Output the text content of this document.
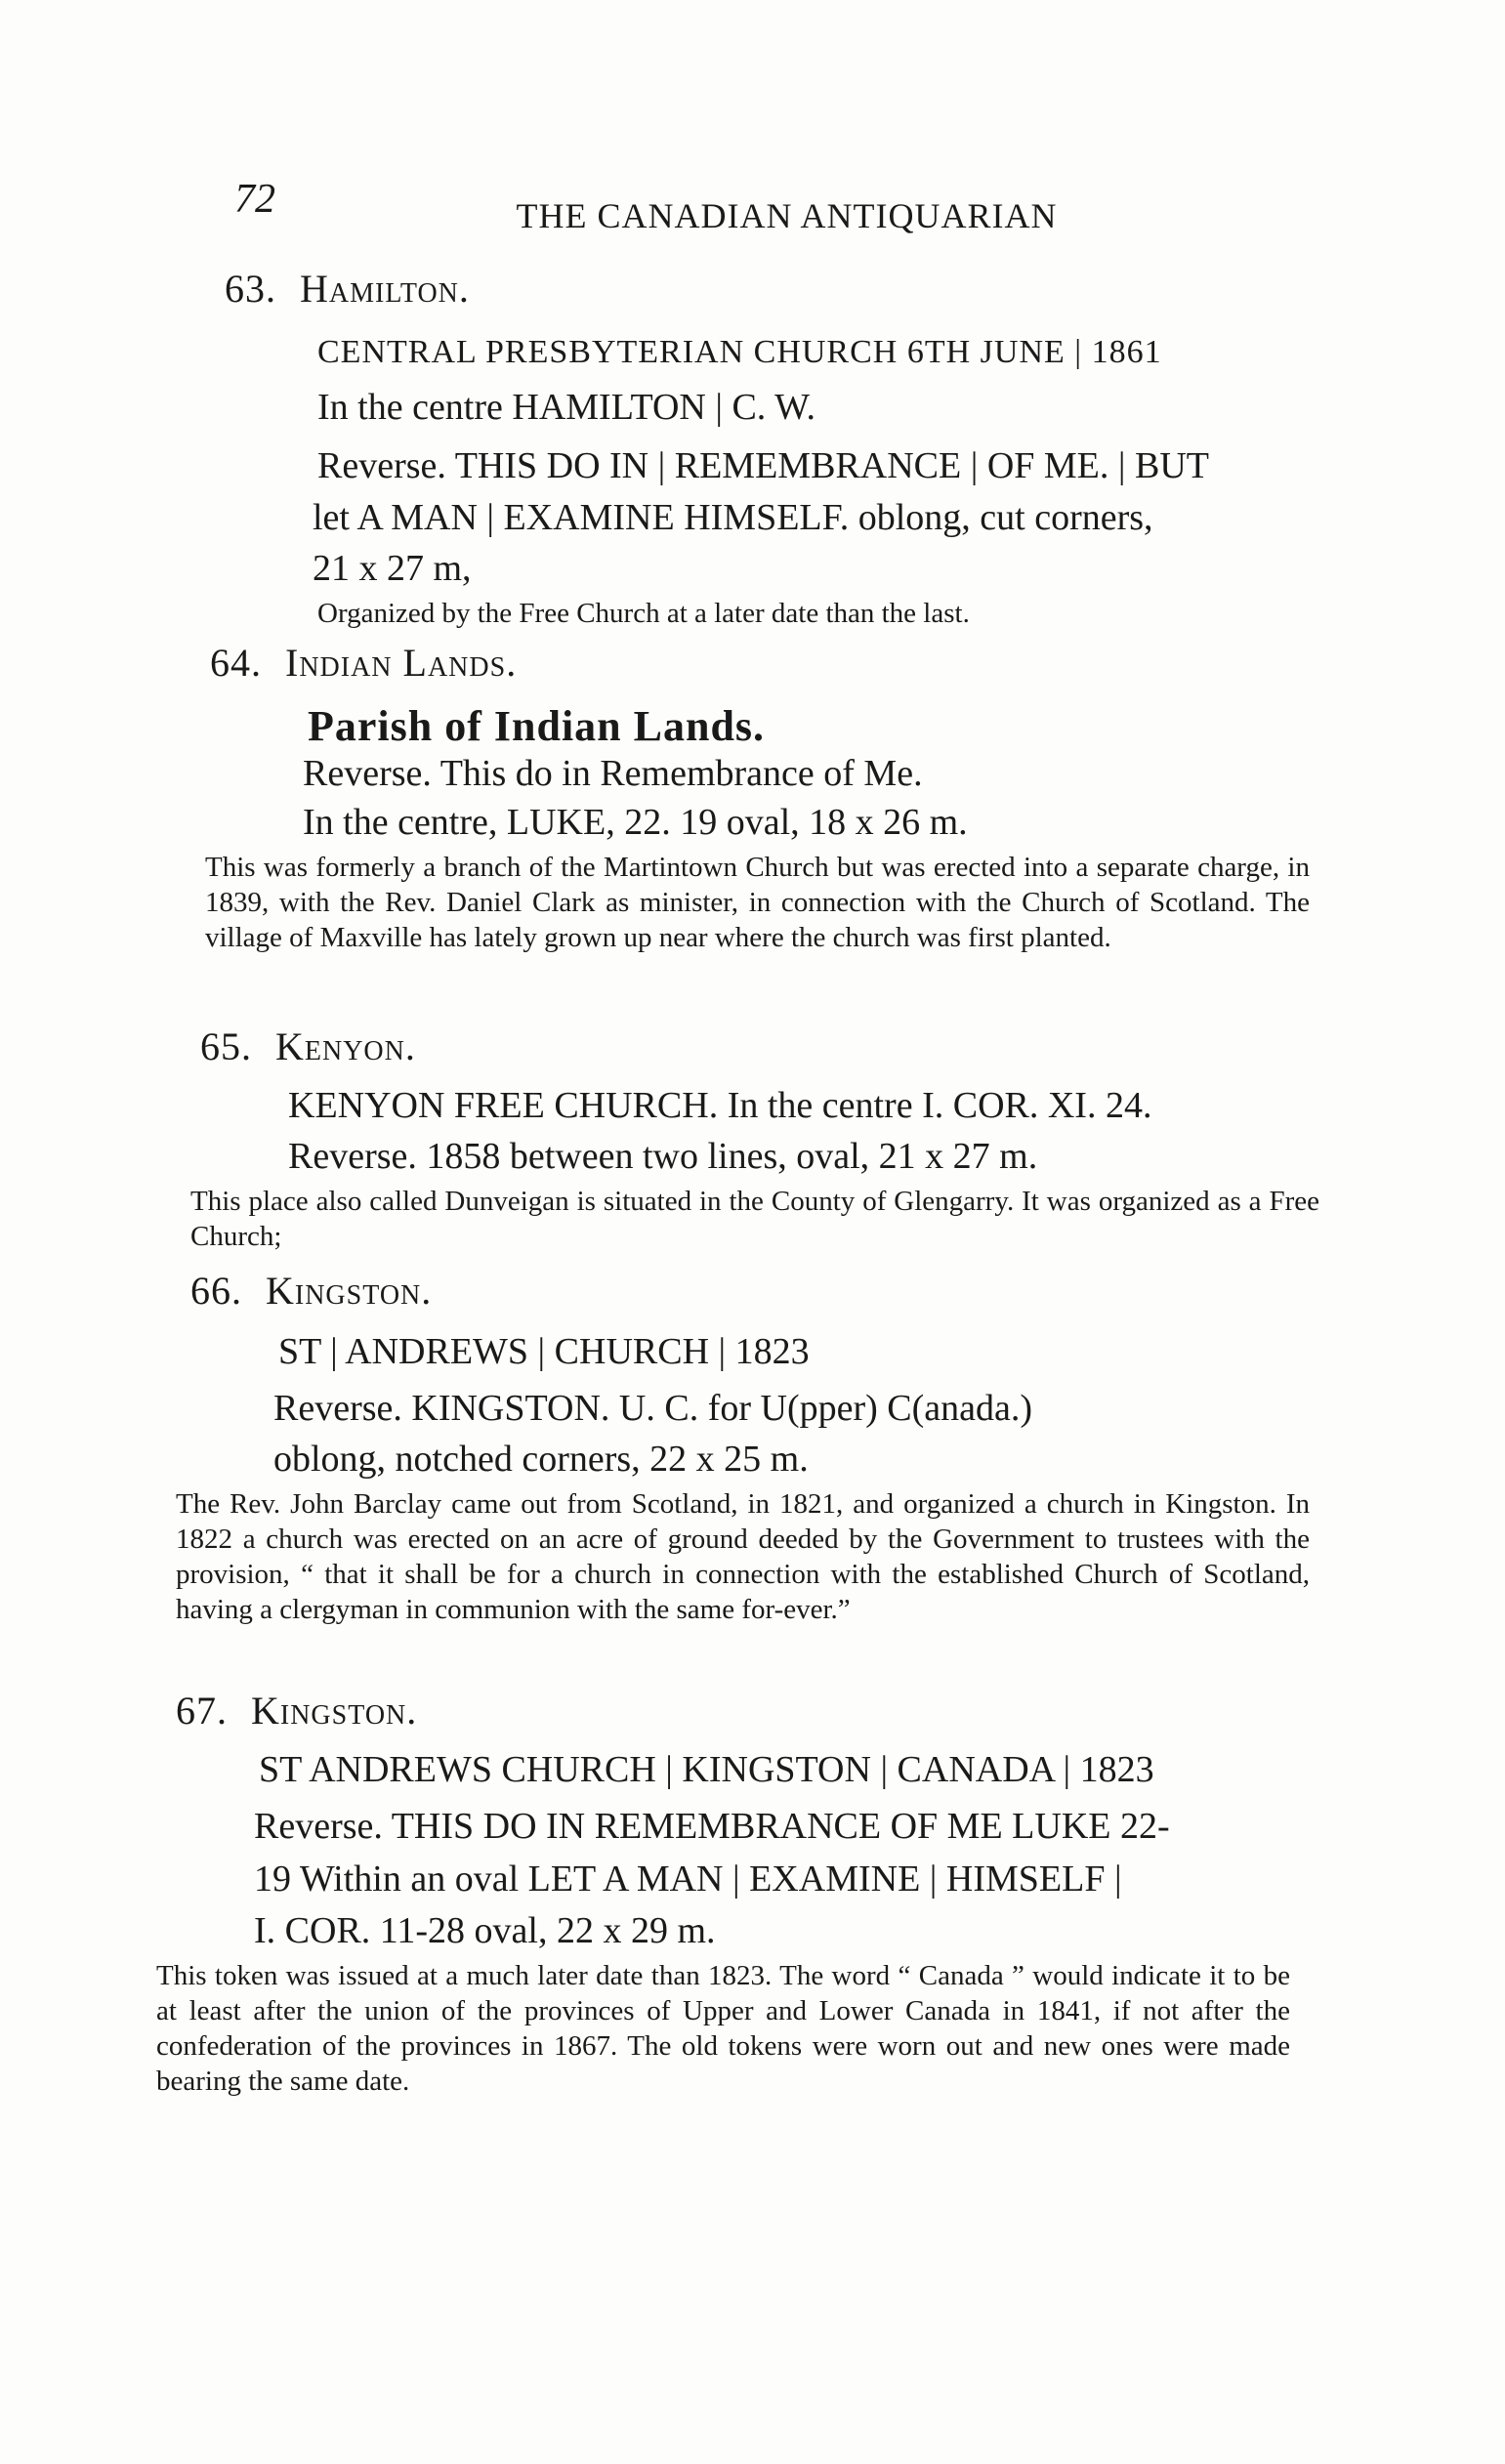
72	THE CANADIAN ANTIQUARIAN
63. Hamilton.
CENTRAL PRESBYTERIAN CHURCH 6TH JUNE | 1861
In the centre HAMILTON | C. W.
Reverse. THIS DO IN | REMEMBRANCE | OF ME. | BUT
let A MAN | EXAMINE HIMSELF. oblong, cut corners,
21 x 27 m,
Organized by the Free Church at a later date than the last.
64. Indian Lands.
Parish of Indian Lands.
Reverse. This do in Remembrance of Me.
In the centre, LUKE, 22. 19 oval, 18 x 26 m.
This was formerly a branch of the Martintown Church but was erected into a separate charge, in 1839, with the Rev. Daniel Clark as minister, in connection with the Church of Scotland. The village of Maxville has lately grown up near where the church was first planted.
65. Kenyon.
KENYON FREE CHURCH. In the centre I. COR. XI. 24.
Reverse. 1858 between two lines, oval, 21 x 27 m.
This place also called Dunveigan is situated in the County of Glengarry. It was organized as a Free Church;
66. Kingston.
ST | ANDREWS | CHURCH | 1823
Reverse. KINGSTON. U. C. for U(pper) C(anada.)
oblong, notched corners, 22 x 25 m.
The Rev. John Barclay came out from Scotland, in 1821, and organized a church in Kingston. In 1822 a church was erected on an acre of ground deeded by the Government to trustees with the provision, “ that it shall be for a church in connection with the established Church of Scotland, having a clergyman in communion with the same for-ever.”
67. Kingston.
ST ANDREWS CHURCH | KINGSTON | CANADA | 1823
Reverse. THIS DO IN REMEMBRANCE OF ME LUKE 22-
19 Within an oval LET A MAN | EXAMINE | HIMSELF |
I. COR. 11-28 oval, 22 x 29 m.
This token was issued at a much later date than 1823. The word “ Canada ” would indicate it to be at least after the union of the provinces of Upper and Lower Canada in 1841, if not after the confederation of the provinces in 1867. The old tokens were worn out and new ones were made bearing the same date.
